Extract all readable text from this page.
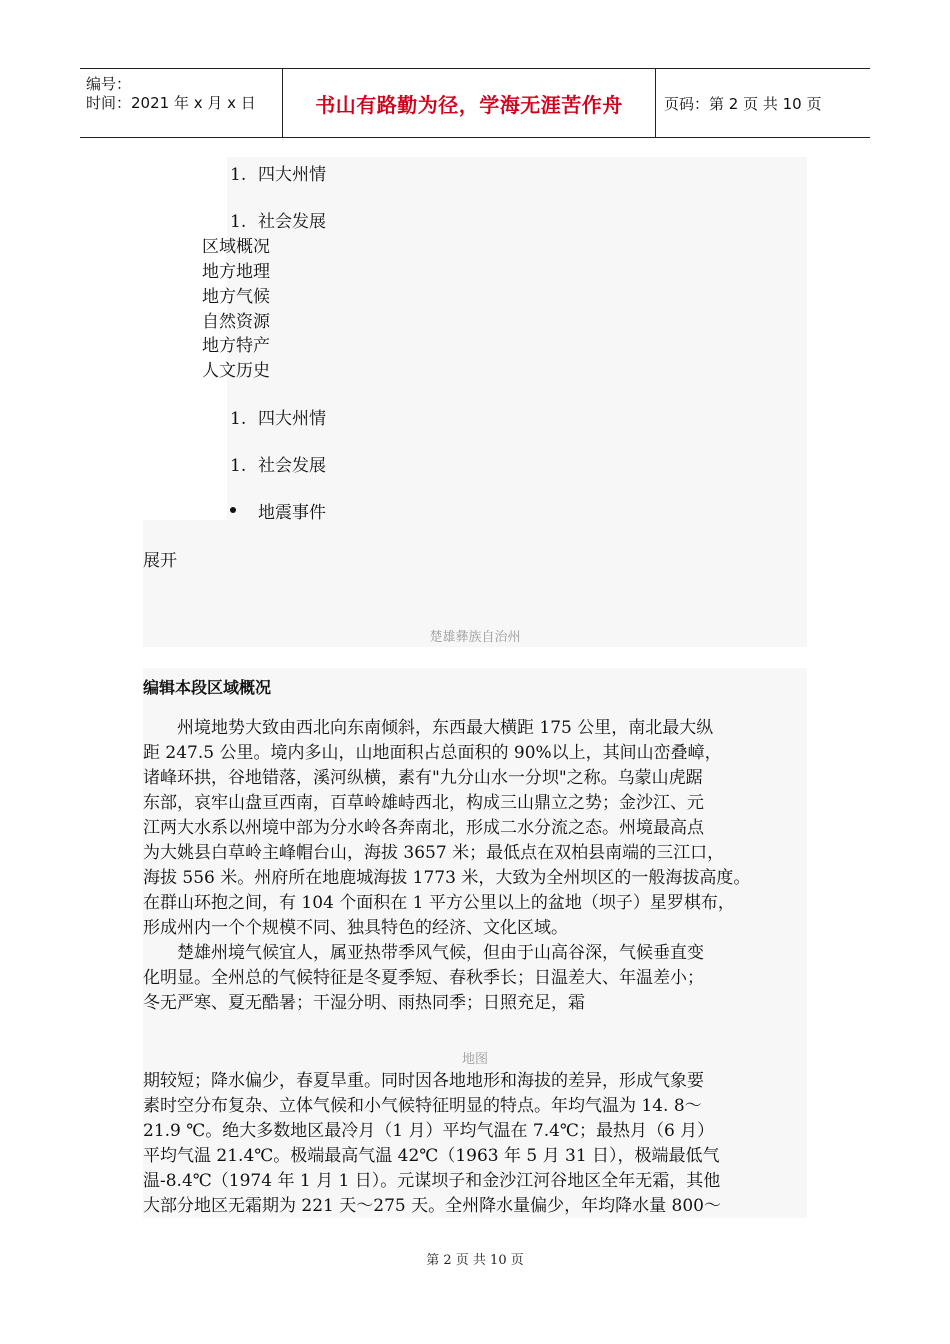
编号：
时间：2021 年 x 月 x 日	书山有路勤为径，学海无涯苦作舟	页码：第 2 页 共 10 页
1. 四大州情
1. 社会发展
区域概况
地方地理
地方气候
自然资源
地方特产
人文历史
1. 四大州情
1. 社会发展
地震事件
展开
楚雄彝族自治州
编辑本段区域概况
　　州境地势大致由西北向东南倾斜，东西最大横距 175 公里，南北最大纵
距 247.5 公里。境内多山，山地面积占总面积的 90%以上，其间山峦叠嶂，
诸峰环拱，谷地错落，溪河纵横，素有"九分山水一分坝"之称。乌蒙山虎踞
东部，哀牢山盘亘西南，百草岭雄峙西北，构成三山鼎立之势；金沙江、元
江两大水系以州境中部为分水岭各奔南北，形成二水分流之态。州境最高点
为大姚县白草岭主峰帽台山，海拔 3657 米；最低点在双柏县南端的三江口，
海拔 556 米。州府所在地鹿城海拔 1773 米，大致为全州坝区的一般海拔高度。
在群山环抱之间，有 104 个面积在 1 平方公里以上的盆地（坝子）星罗棋布，
形成州内一个个规模不同、独具特色的经济、文化区域。
　　楚雄州境气候宜人，属亚热带季风气候，但由于山高谷深，气候垂直变
化明显。全州总的气候特征是冬夏季短、春秋季长；日温差大、年温差小；
冬无严寒、夏无酷暑；干湿分明、雨热同季；日照充足，霜
地图
期较短；降水偏少，春夏旱重。同时因各地地形和海拔的差异，形成气象要
素时空分布复杂、立体气候和小气候特征明显的特点。年均气温为 14. 8～
21.9 ℃。绝大多数地区最冷月（1 月）平均气温在 7.4℃；最热月（6 月）
平均气温 21.4℃。极端最高气温 42℃（1963 年 5 月 31 日），极端最低气
温-8.4℃（1974 年 1 月 1 日）。元谋坝子和金沙江河谷地区全年无霜，其他
大部分地区无霜期为 221 天～275 天。全州降水量偏少，年均降水量 800～
第 2 页 共 10 页
